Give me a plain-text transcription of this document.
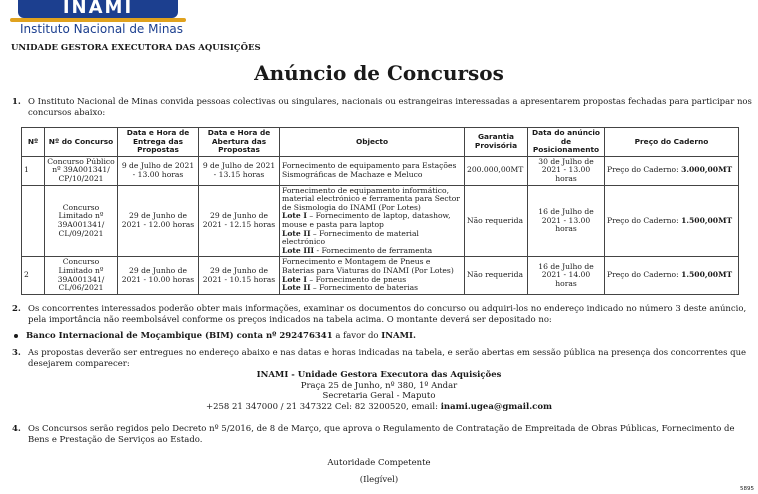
INAMI
Instituto Nacional de Minas
UNIDADE GESTORA EXECUTORA DAS AQUISIÇÕES
Anúncio de Concursos
1. O Instituto Nacional de Minas convida pessoas colectivas ou singulares, nacionais ou estrangeiras interessadas a apresentarem propostas fechadas para participar nos concursos abaixo:
Nº	Nº do Concurso	Data e Hora de Entrega das Propostas	Data e Hora de Abertura das Propostas	Objecto	Garantia Provisória	Data do anúncio de Posicionamento	Preço do Caderno
1	Concurso Público nº 39A001341/ CP/10/2021	9 de Julho de 2021 - 13.00 horas	9 de Julho de 2021 - 13.15 horas	Fornecimento de equipamento para Estações Sismográficas de Machaze e Meluco	200.000,00MT	30 de Julho de 2021 - 13.00 horas	Preço do Caderno: 3.000,00MT
	Concurso Limitado nº 39A001341/ CL/09/2021	29 de Junho de 2021 - 12.00 horas	29 de Junho de 2021 - 12.15 horas	Fornecimento de equipamento informático, material electrónico e ferramenta para Sector de Sismologia do INAMI (Por Lotes)
Lote I – Fornecimento de laptop, datashow, mouse e pasta para laptop
Lote II – Fornecimento de material electrónico
Lote III - Fornecimento de ferramenta	Não requerida	16 de Julho de 2021 - 13.00 horas	Preço do Caderno: 1.500,00MT
2	Concurso Limitado nº 39A001341/ CL/06/2021	29 de Junho de 2021 - 10.00 horas	29 de Junho de 2021 - 10.15 horas	Fornecimento e Montagem de Pneus e Baterias para Viaturas do INAMI (Por Lotes)
Lote I – Fornecimento de pneus
Lote II – Fornecimento de baterias	Não requerida	16 de Julho de 2021 - 14.00 horas	Preço do Caderno: 1.500,00MT
2. Os concorrentes interessados poderão obter mais informações, examinar os documentos do concurso ou adquiri-los no endereço indicado no número 3 deste anúncio, pela importância não reembolsável conforme os preços indicados na tabela acima. O montante deverá ser depositado no:
Banco Internacional de Moçambique (BIM) conta nº 292476341 a favor do INAMI.
3. As propostas deverão ser entregues no endereço abaixo e nas datas e horas indicadas na tabela, e serão abertas em sessão pública na presença dos concorrentes que desejarem comparecer:
INAMI - Unidade Gestora Executora das Aquisições
Praça 25 de Junho, nº 380, 1º Andar
Secretaria Geral - Maputo
+258 21 347000 / 21 347322 Cel: 82 3200520, email: inami.ugea@gmail.com
4. Os Concursos serão regidos pelo Decreto nº 5/2016, de 8 de Março, que aprova o Regulamento de Contratação de Empreitada de Obras Públicas, Fornecimento de Bens e Prestação de Serviços ao Estado.
Autoridade Competente
(Ilegível)
5895
